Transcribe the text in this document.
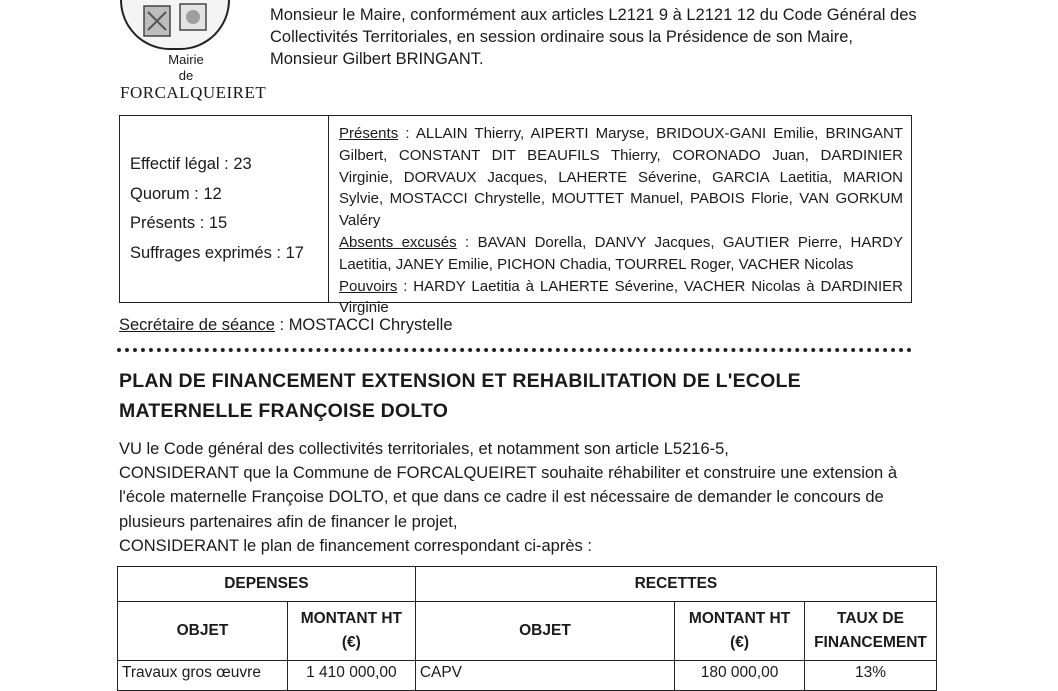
Mairie

de
FORCALQUEIRET

Monsieur le Maire, conformément aux articles L2121 9 à L2121 12 du Code Général des Collectivités Territoriales, en session ordinaire sous la Présidence de son Maire, Monsieur Gilbert BRINGANT.

Effectif légal : 23
Quorum : 12
Présents : 15
Suffrages exprimés : 17
Présents : ALLAIN Thierry, AIPERTI Maryse, BRIDOUX-GANI Emilie, BRINGANT Gilbert, CONSTANT DIT BEAUFILS Thierry, CORONADO Juan, DARDINIER Virginie, DORVAUX Jacques, LAHERTE Séverine, GARCIA Laetitia, MARION Sylvie, MOSTACCI Chrystelle, MOUTTET Manuel, PABOIS Florie, VAN GORKUM Valéry
Absents excusés : BAVAN Dorella, DANVY Jacques, GAUTIER Pierre, HARDY Laetitia, JANEY Emilie, PICHON Chadia, TOURREL Roger, VACHER Nicolas
Pouvoirs : HARDY Laetitia à LAHERTE Séverine, VACHER Nicolas à DARDINIER Virginie
Secrétaire de séance : MOSTACCI Chrystelle
PLAN DE FINANCEMENT EXTENSION ET REHABILITATION DE L'ECOLE MATERNELLE FRANÇOISE DOLTO

VU le Code général des collectivités territoriales, et notamment son article L5216-5,

CONSIDERANT que la Commune de FORCALQUEIRET souhaite réhabiliter et construire une extension à l'école maternelle Françoise DOLTO, et que dans ce cadre il est nécessaire de demander le concours de plusieurs partenaires afin de financer le projet,

CONSIDERANT le plan de financement correspondant ci-après :

DEPENSES		RECETTES		
OBJET	MONTANT HT (€)	OBJET	MONTANT HT (€)	TAUX DE FINANCEMENT
Travaux gros œuvre	1 410 000,00	CAPV	180 000,00	13%
